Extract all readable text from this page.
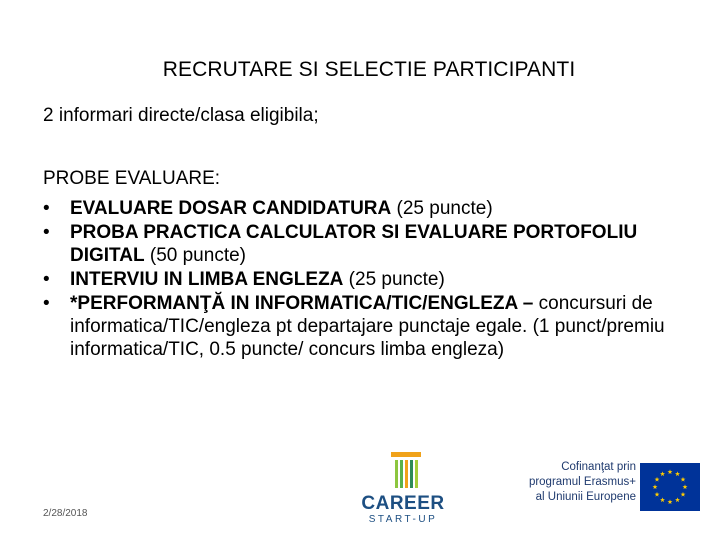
RECRUTARE SI SELECTIE PARTICIPANTI
2 informari directe/clasa eligibila;
PROBE EVALUARE:
• EVALUARE DOSAR CANDIDATURA (25 puncte)
• PROBA PRACTICA CALCULATOR SI EVALUARE PORTOFOLIU DIGITAL (50 puncte)
• INTERVIU IN LIMBA ENGLEZA (25 puncte)
• *PERFORMANŢĂ IN INFORMATICA/TIC/ENGLEZA – concursuri de informatica/TIC/engleza pt departajare punctaje egale. (1 punct/premiu informatica/TIC, 0.5 puncte/ concurs limba engleza)
2/28/2018	CAREER
START-UP
Cofinanţat prin
programul Erasmus+
al Uniunii Europene
